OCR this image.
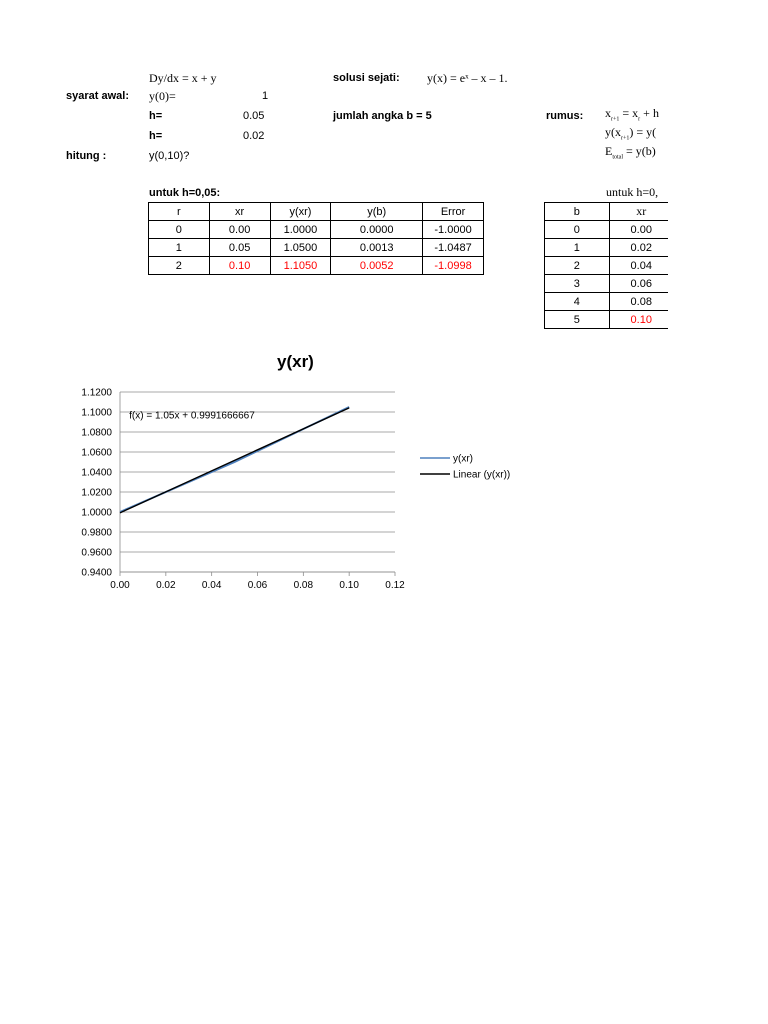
Dy/dx = x + y	solusi sejati: y(x) = eˣ – x – 1.
syarat awal: y(0)=	1
h=	0.05	jumlah angka b = 5	rumus:
h=	0.02
hitung :	y(0,10)?
$x_{r+1} = x_r + h$
$y(x_{r+1}) = y$(
$E_{total} = y(b)$
untuk h=0,05:
r	xr	y(xr)	y(b)	Error
0	0.00	1.0000	0.0000	-1.0000
1	0.05	1.0500	0.0013	-1.0487
2	0.10	1.1050	0.0052	-1.0998
untuk h=0,
b	xr
0	0.00
1	0.02
2	0.04
3	0.06
4	0.08
5	0.10
y(xr)
0.9400
0.9600
0.9800
1.0000
1.0200
1.0400
1.0600
1.0800
1.1000
1.1200
0.00	0.02	0.04	0.06	0.08	0.10	0.12
f(x) = 1.05x + 0.9991666667
y(xr)
Linear (y(xr))
